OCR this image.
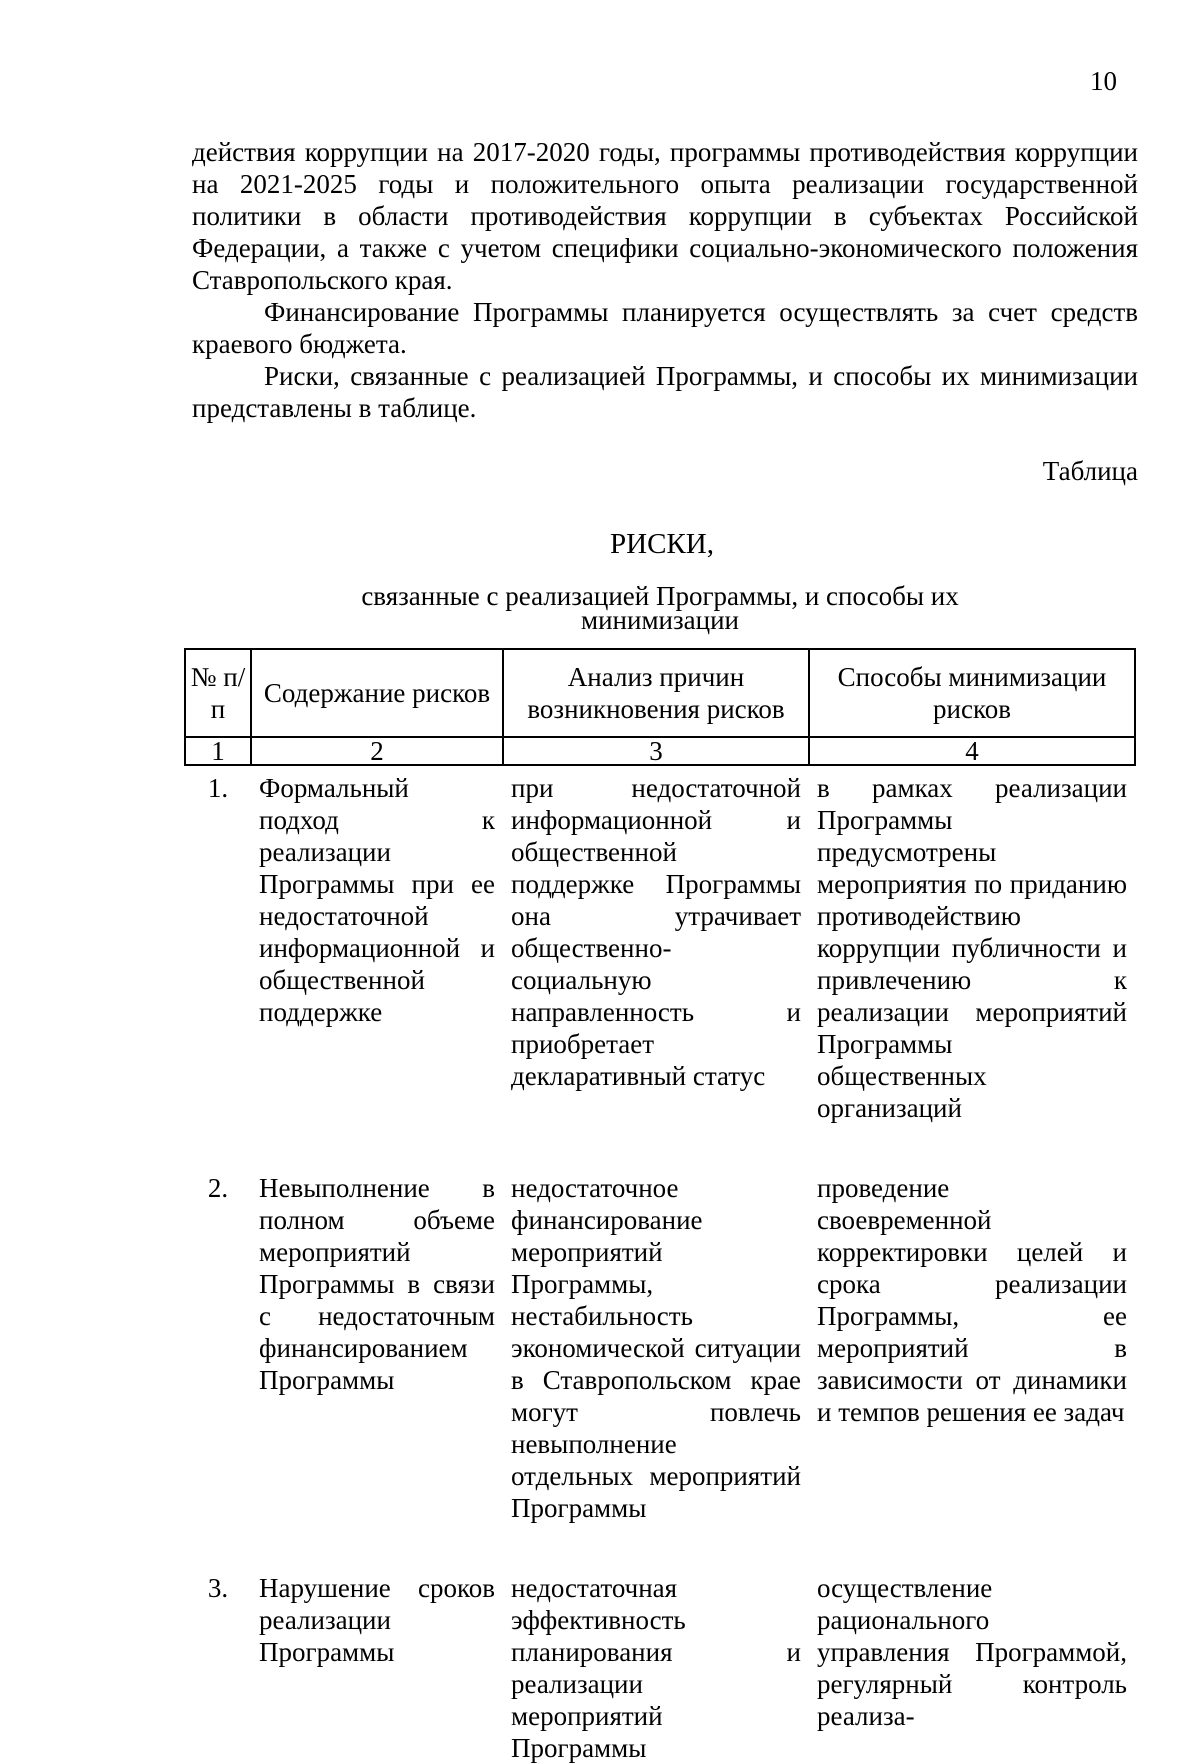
10

действия коррупции на 2017-2020 годы, программы противодействия коррупции на 2021-2025 годы и положительного опыта реализации государственной политики в области противодействия коррупции в субъектах Российской Федерации, а также с учетом специфики социально-экономического положения Ставропольского края.

Финансирование Программы планируется осуществлять за счет средств краевого бюджета.

Риски, связанные с реализацией Программы, и способы их минимизации представлены в таблице.

Таблица
РИСКИ,
связанные с реализацией Программы, и способы их минимизации
№ п/п	Содержание рисков	Анализ причин возникновения рисков	Способы минимизации рисков
1	2	3	4
1.	Формальный подход к реализации Программы при ее недостаточной информационной и общественной поддержке	при недостаточной информационной и общественной поддержке Программы она утрачивает общественно-социальную направленность и приобретает декларативный статус	в рамках реализации Программы предусмотрены мероприятия по приданию противодействию коррупции публичности и привлечению к реализации мероприятий Программы общественных организаций
2.	Невыполнение в полном объеме мероприятий Программы в связи с недостаточным финансированием Программы	недостаточное финансирование мероприятий Программы, нестабильность экономической ситуации в Ставропольском крае могут повлечь невыполнение отдельных мероприятий Программы	проведение своевременной корректировки целей и срока реализации Программы, ее мероприятий в зависимости от динамики и темпов решения ее задач
3.	Нарушение сроков реализации Программы	недостаточная эффективность планирования и реализации мероприятий Программы	осуществление рационального управления Программой, регулярный контроль реализа-
